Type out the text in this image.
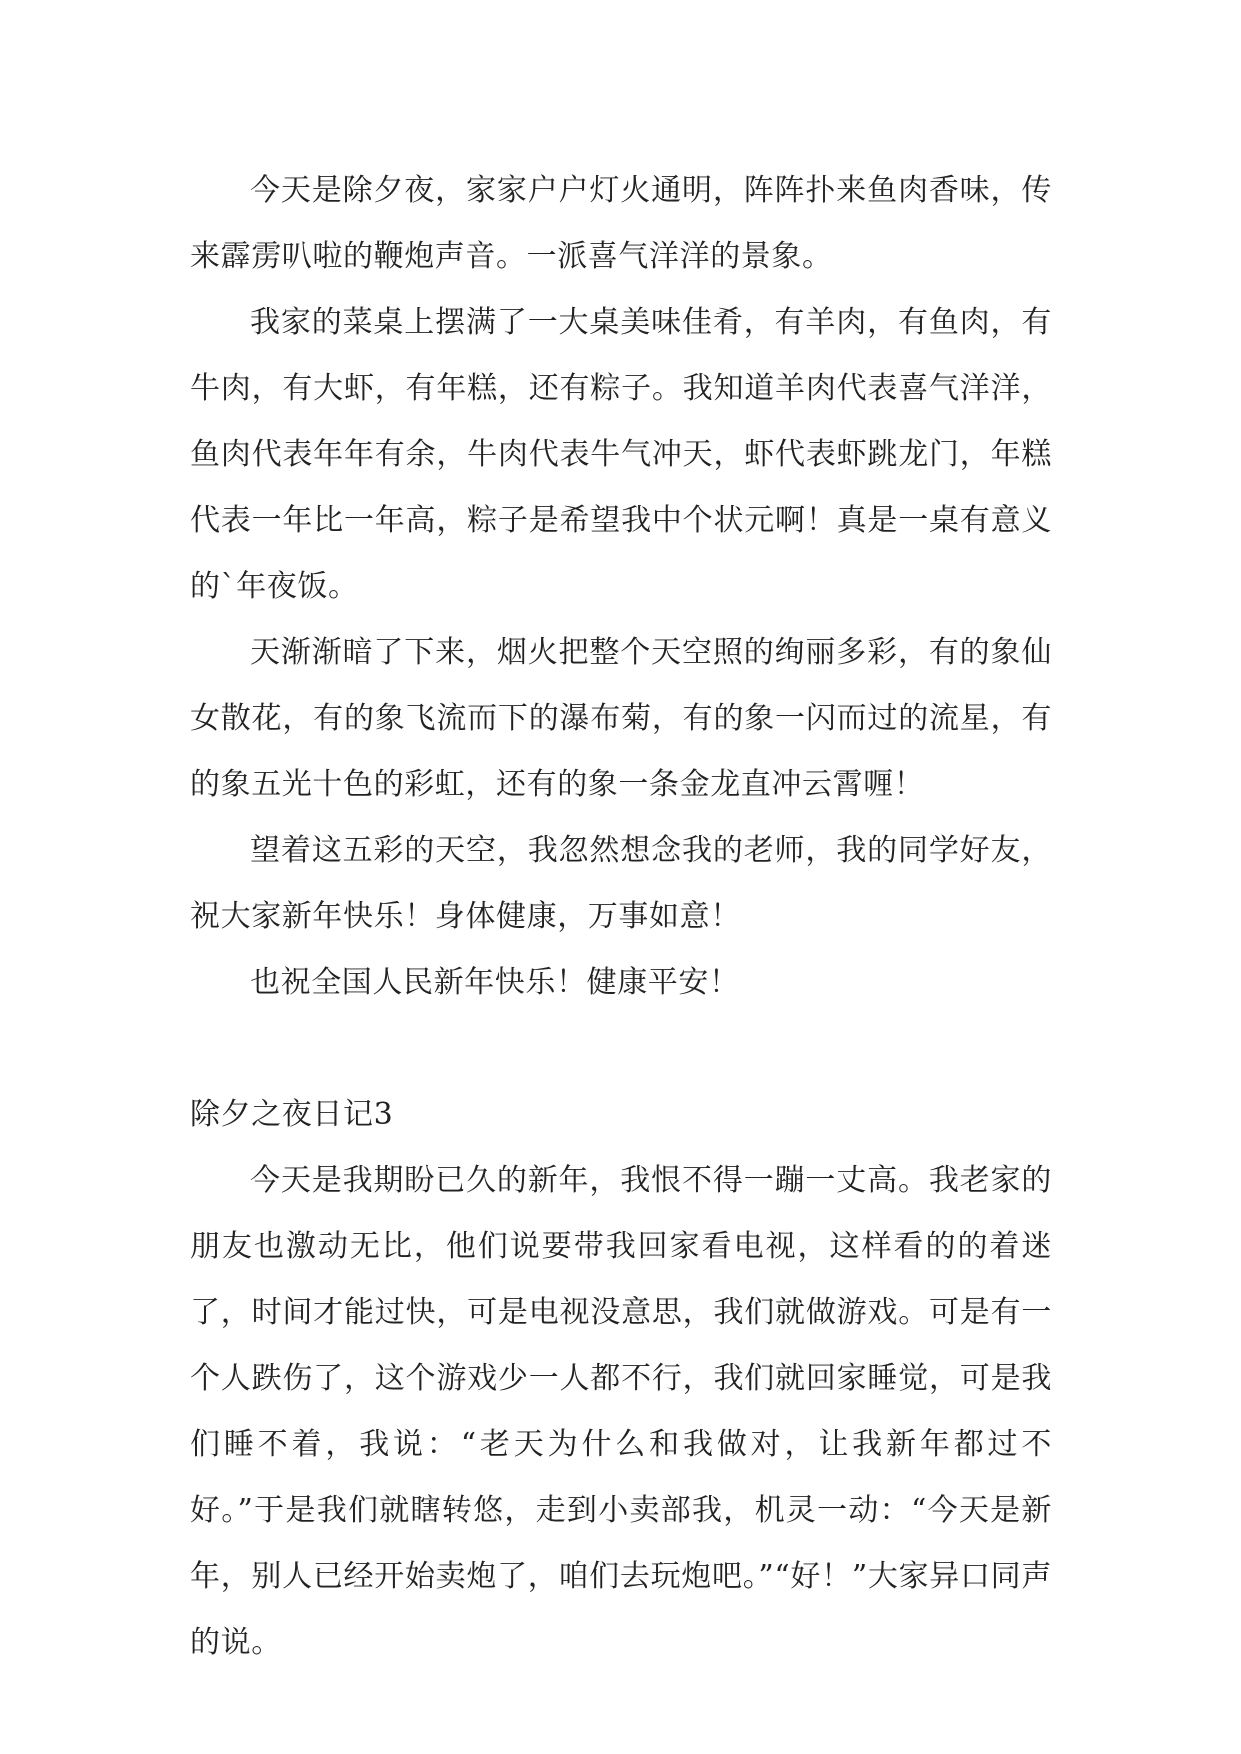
今天是除夕夜，家家户户灯火通明，阵阵扑来鱼肉香味，传来霹雳叭啦的鞭炮声音。一派喜气洋洋的景象。

我家的菜桌上摆满了一大桌美味佳肴，有羊肉，有鱼肉，有牛肉，有大虾，有年糕，还有粽子。我知道羊肉代表喜气洋洋，鱼肉代表年年有余，牛肉代表牛气冲天，虾代表虾跳龙门，年糕代表一年比一年高，粽子是希望我中个状元啊！真是一桌有意义的`年夜饭。

天渐渐暗了下来，烟火把整个天空照的绚丽多彩，有的象仙女散花，有的象飞流而下的瀑布菊，有的象一闪而过的流星，有的象五光十色的彩虹，还有的象一条金龙直冲云霄喱！

望着这五彩的天空，我忽然想念我的老师，我的同学好友，祝大家新年快乐！身体健康，万事如意！

也祝全国人民新年快乐！健康平安！

除夕之夜日记3

今天是我期盼已久的新年，我恨不得一蹦一丈高。我老家的朋友也激动无比，他们说要带我回家看电视，这样看的的着迷了，时间才能过快，可是电视没意思，我们就做游戏。可是有一个人跌伤了，这个游戏少一人都不行，我们就回家睡觉，可是我们睡不着，我说：“老天为什么和我做对，让我新年都过不好。”于是我们就瞎转悠，走到小卖部我，机灵一动：“今天是新年，别人已经开始卖炮了，咱们去玩炮吧。”“好！”大家异口同声的说。
